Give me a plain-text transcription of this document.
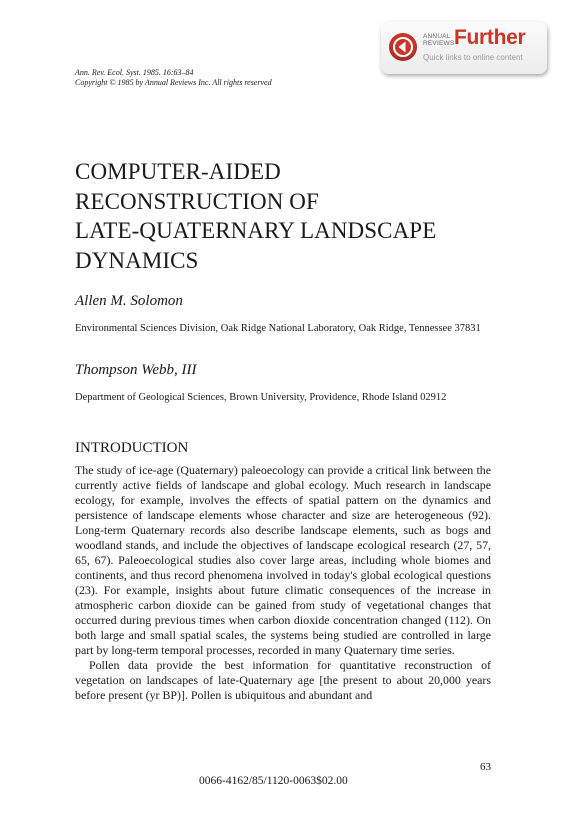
ANNUAL
REVIEWS Further
Quick links to online content
Ann. Rev. Ecol. Syst. 1985. 16:63–84
Copyright © 1985 by Annual Reviews Inc. All rights reserved
COMPUTER-AIDED
RECONSTRUCTION OF
LATE-QUATERNARY LANDSCAPE
DYNAMICS
Allen M. Solomon
Environmental Sciences Division, Oak Ridge National Laboratory, Oak Ridge, Tennessee 37831
Thompson Webb, III
Department of Geological Sciences, Brown University, Providence, Rhode Island 02912
INTRODUCTION

The study of ice-age (Quaternary) paleoecology can provide a critical link between the currently active fields of landscape and global ecology. Much research in landscape ecology, for example, involves the effects of spatial pattern on the dynamics and persistence of landscape elements whose character and size are heterogeneous (92). Long-term Quaternary records also describe landscape elements, such as bogs and woodland stands, and include the objectives of landscape ecological research (27, 57, 65, 67). Paleoecological studies also cover large areas, including whole biomes and continents, and thus record phenomena involved in today's global ecological questions (23). For example, insights about future climatic consequences of the increase in atmospheric carbon dioxide can be gained from study of vegetational changes that occurred during previous times when carbon dioxide concentration changed (112). On both large and small spatial scales, the systems being studied are controlled in large part by long-term temporal processes, recorded in many Quaternary time series.

Pollen data provide the best information for quantitative reconstruction of vegetation on landscapes of late-Quaternary age [the present to about 20,000 years before present (yr BP)]. Pollen is ubiquitous and abundant and

63
0066-4162/85/1120-0063$02.00
